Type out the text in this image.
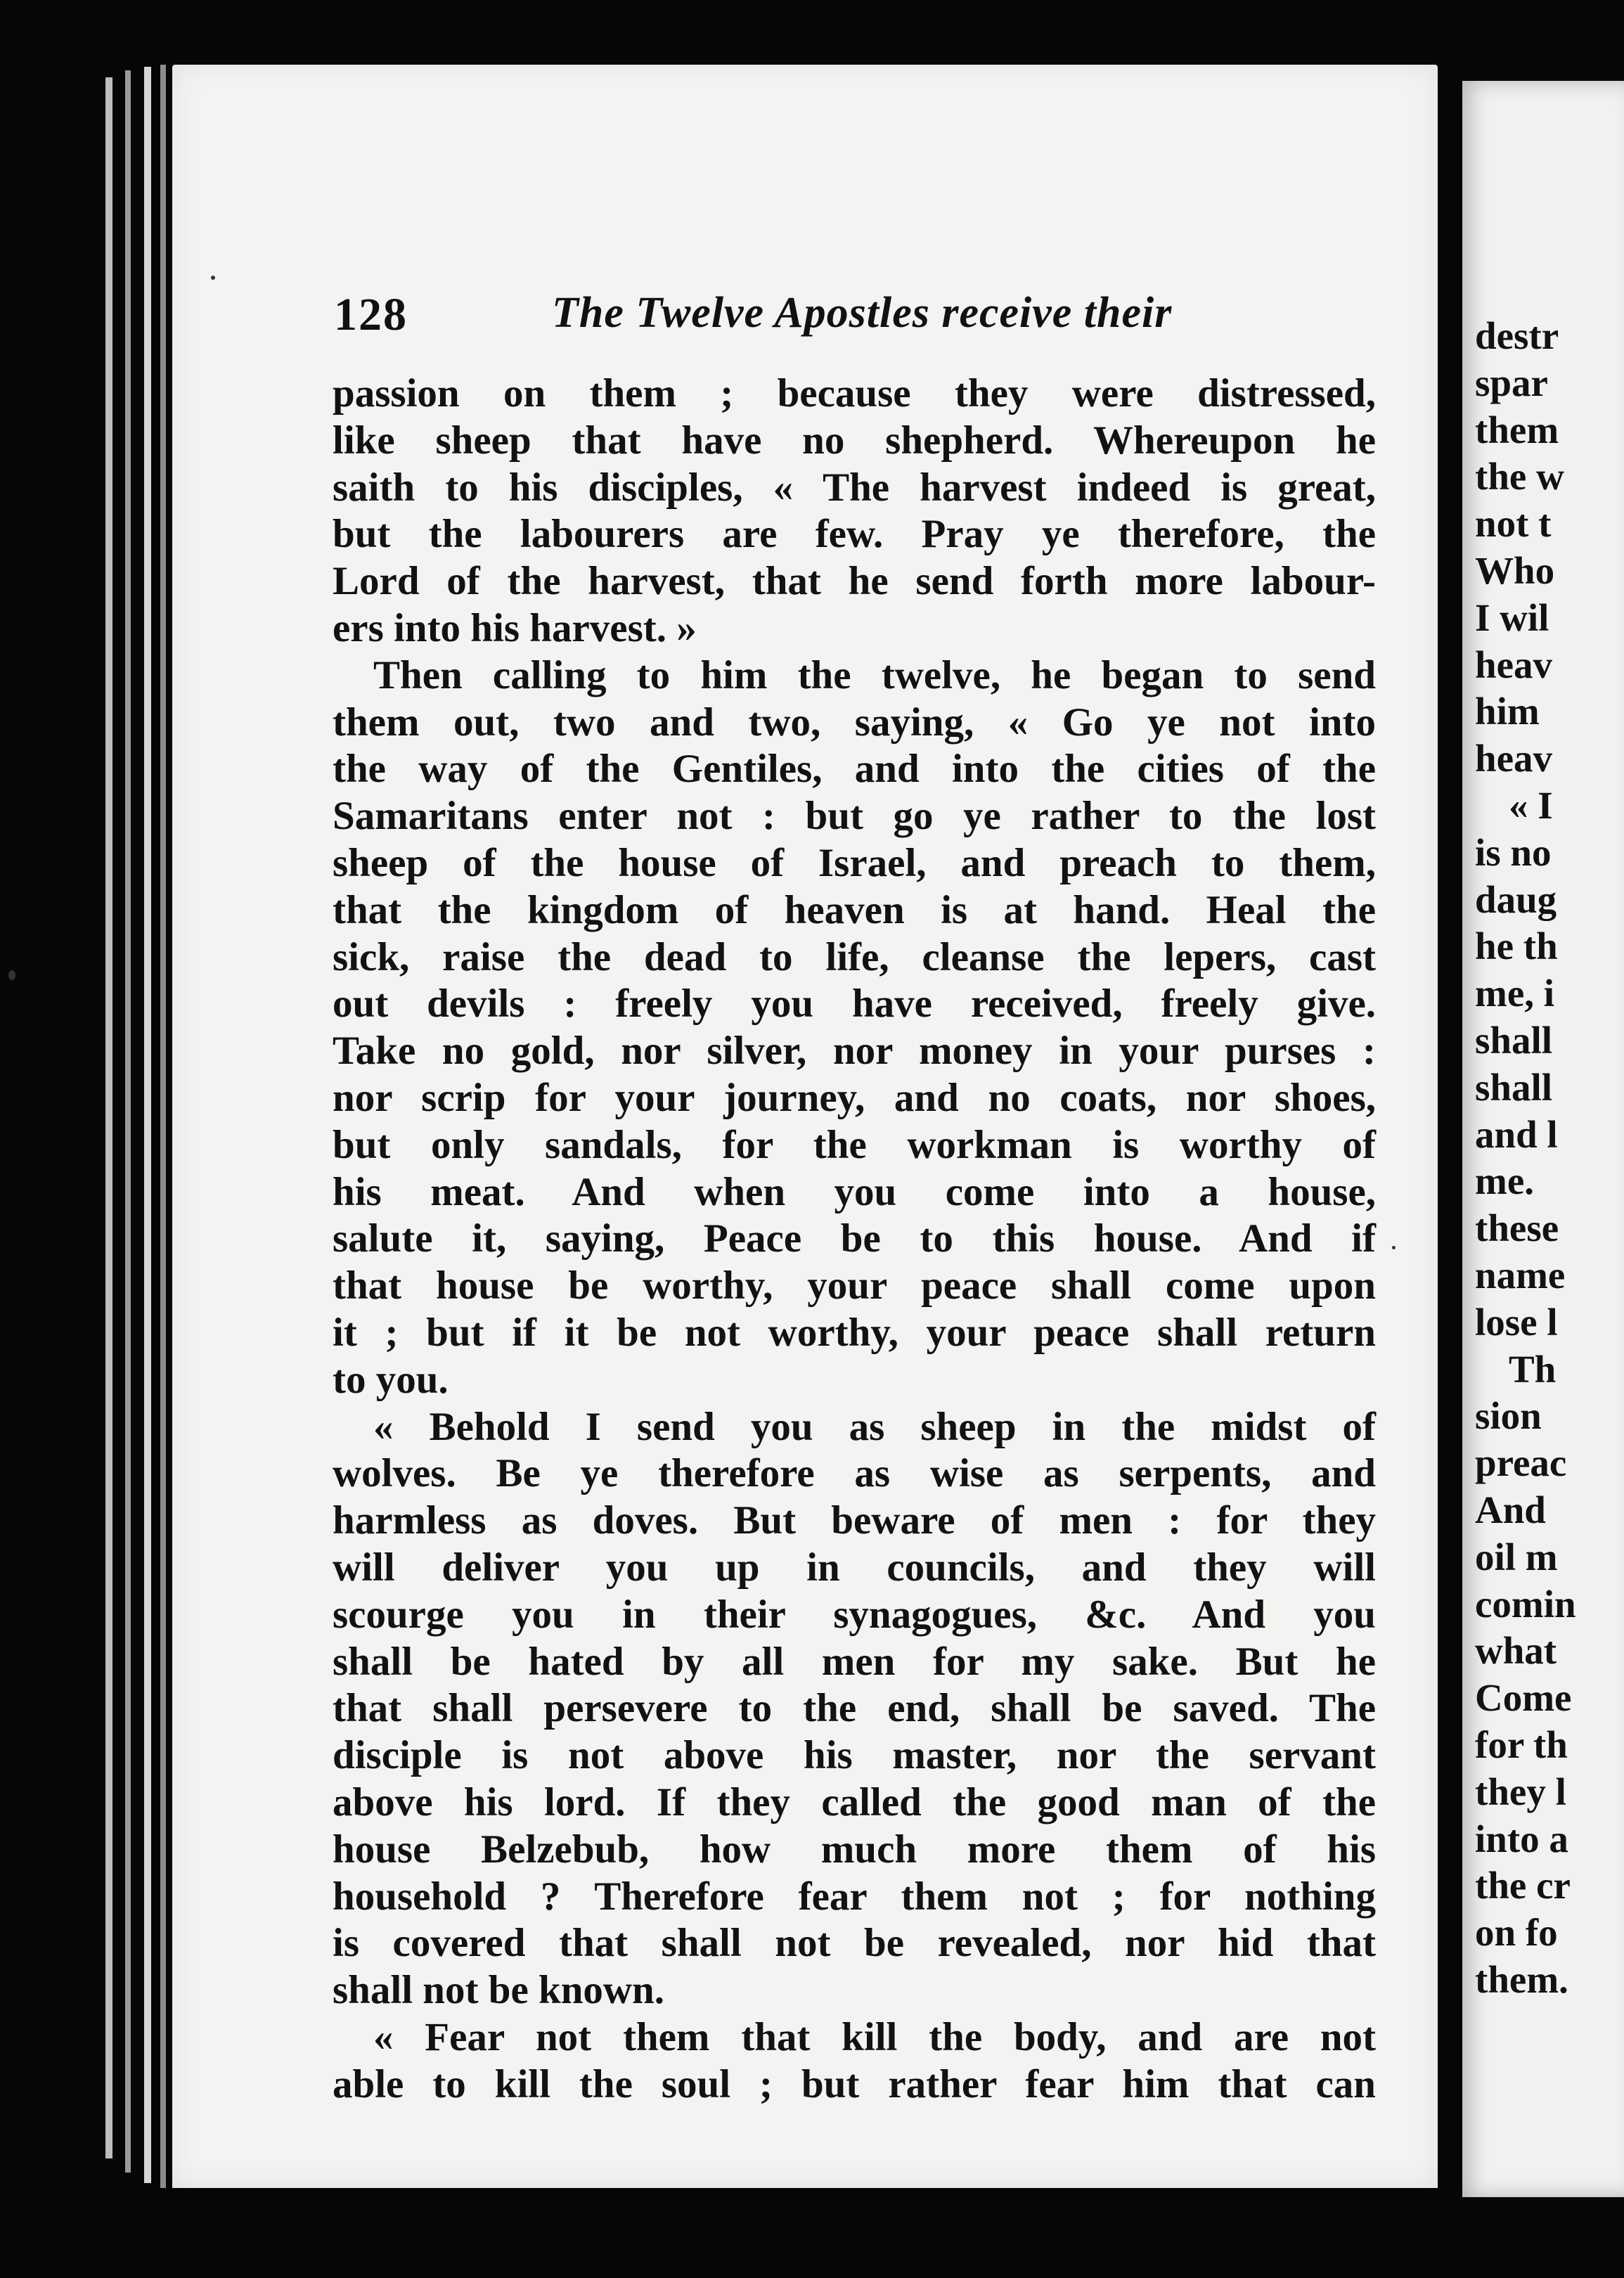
128	The Twelve Apostles receive their
passion on them ; because they were distressed,
like sheep that have no shepherd. Whereupon he
saith to his disciples, « The harvest indeed is great,
but the labourers are few. Pray ye therefore, the
Lord of the harvest, that he send forth more labour-
ers into his harvest. »
Then calling to him the twelve, he began to send
them out, two and two, saying, « Go ye not into
the way of the Gentiles, and into the cities of the
Samaritans enter not : but go ye rather to the lost
sheep of the house of Israel, and preach to them,
that the kingdom of heaven is at hand. Heal the
sick, raise the dead to life, cleanse the lepers, cast
out devils : freely you have received, freely give.
Take no gold, nor silver, nor money in your purses :
nor scrip for your journey, and no coats, nor shoes,
but only sandals, for the workman is worthy of
his meat. And when you come into a house,
salute it, saying, Peace be to this house. And if
that house be worthy, your peace shall come upon
it ; but if it be not worthy, your peace shall return
to you.
« Behold I send you as sheep in the midst of
wolves. Be ye therefore as wise as serpents, and
harmless as doves. But beware of men : for they
will deliver you up in councils, and they will
scourge you in their synagogues, &c. And you
shall be hated by all men for my sake. But he
that shall persevere to the end, shall be saved. The
disciple is not above his master, nor the servant
above his lord. If they called the good man of the
house Belzebub, how much more them of his
household ? Therefore fear them not ; for nothing
is covered that shall not be revealed, nor hid that
shall not be known.
« Fear not them that kill the body, and are not
able to kill the soul ; but rather fear him that can
destr
spar
them
the w
not t
Who
I wil
heav
him
heav
« I
is no
daug
he th
me, i
shall
shall
and l
me.
these
name
lose l
Th
sion
preac
And
oil m
comin
what
Come
for th
they l
into a
the cr
on fo
them.
